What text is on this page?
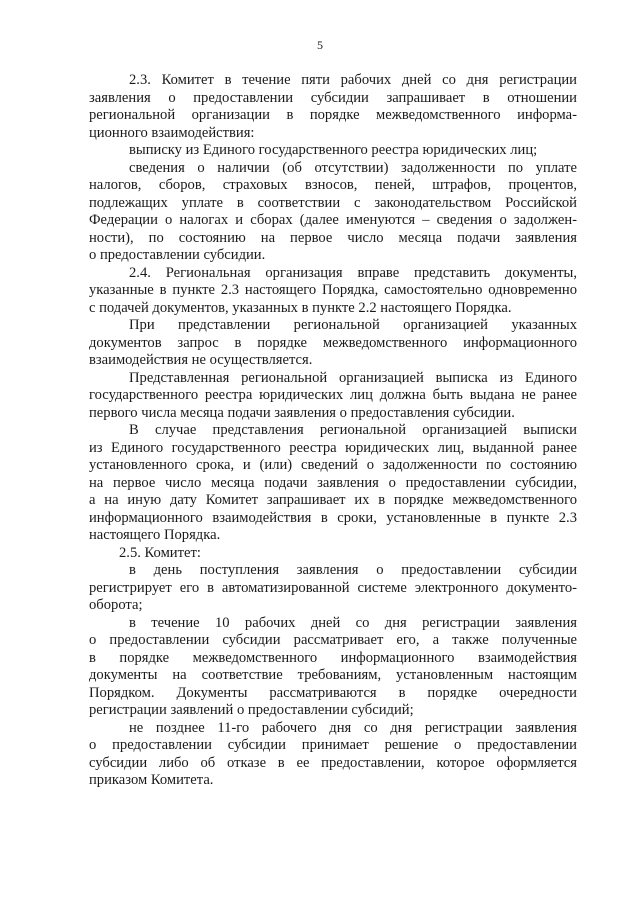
5
2.3. Комитет в течение пяти рабочих дней со дня регистрации
заявления о предоставлении субсидии запрашивает в отношении
региональной организации в порядке межведомственного информа-
ционного взаимодействия:
выписку из Единого государственного реестра юридических лиц;
сведения о наличии (об отсутствии) задолженности по уплате
налогов, сборов, страховых взносов, пеней, штрафов, процентов,
подлежащих уплате в соответствии с законодательством Российской
Федерации о налогах и сборах (далее именуются – сведения о задолжен-
ности), по состоянию на первое число месяца подачи заявления
о предоставлении субсидии.
2.4. Региональная организация вправе представить документы,
указанные в пункте 2.3 настоящего Порядка, самостоятельно одновременно
с подачей документов, указанных в пункте 2.2 настоящего Порядка.
При представлении региональной организацией указанных
документов запрос в порядке межведомственного информационного
взаимодействия не осуществляется.
Представленная региональной организацией выписка из Единого
государственного реестра юридических лиц должна быть выдана не ранее
первого числа месяца подачи заявления о предоставления субсидии.
В случае представления региональной организацией выписки
из Единого государственного реестра юридических лиц, выданной ранее
установленного срока, и (или) сведений о задолженности по состоянию
на первое число месяца подачи заявления о предоставлении субсидии,
а на иную дату Комитет запрашивает их в порядке межведомственного
информационного взаимодействия в сроки, установленные в пункте 2.3
настоящего Порядка.
2.5. Комитет:
в день поступления заявления о предоставлении субсидии
регистрирует его в автоматизированной системе электронного документо-
оборота;
в течение 10 рабочих дней со дня регистрации заявления
о предоставлении субсидии рассматривает его, а также полученные
в порядке межведомственного информационного взаимодействия
документы на соответствие требованиям, установленным настоящим
Порядком. Документы рассматриваются в порядке очередности
регистрации заявлений о предоставлении субсидий;
не позднее 11-го рабочего дня со дня регистрации заявления
о предоставлении субсидии принимает решение о предоставлении
субсидии либо об отказе в ее предоставлении, которое оформляется
приказом Комитета.
